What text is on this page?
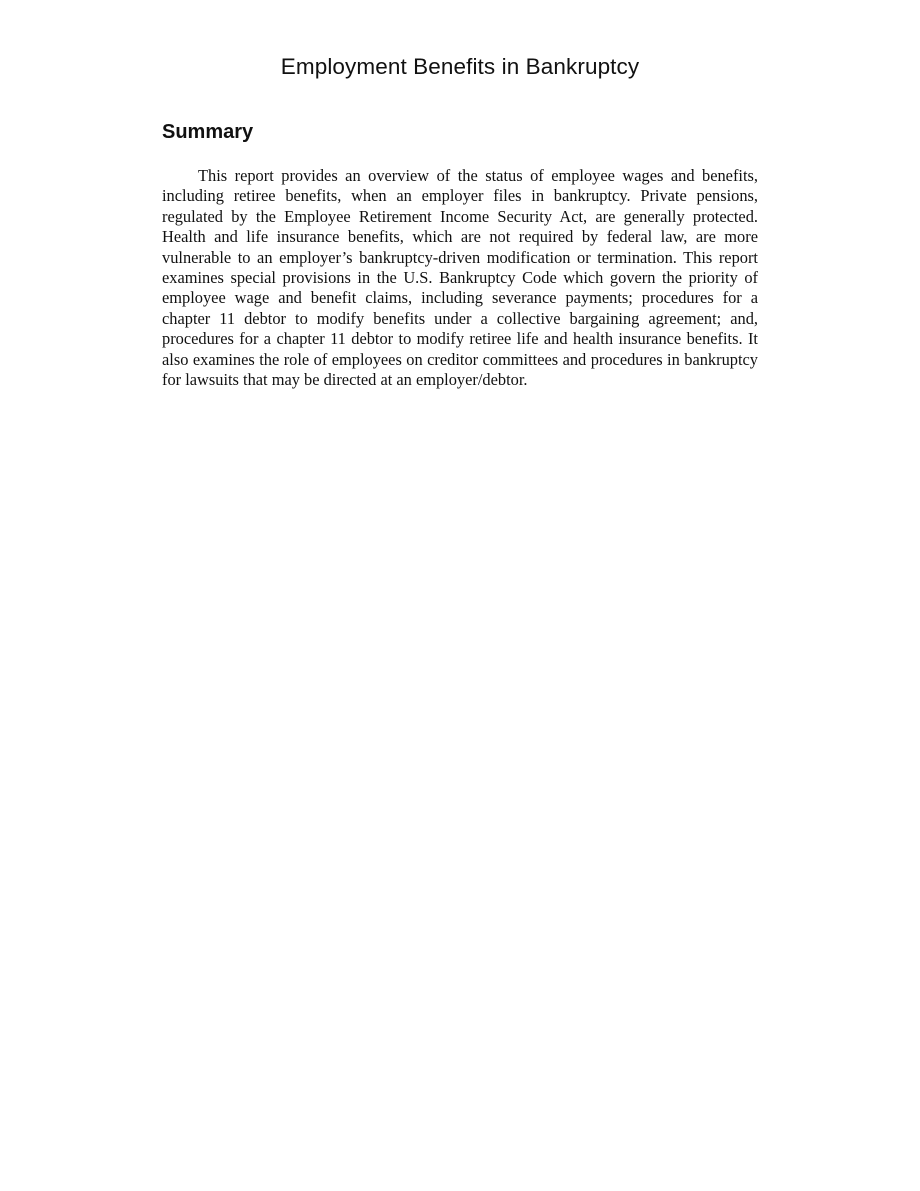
Employment Benefits in Bankruptcy
Summary

This report provides an overview of the status of employee wages and benefits, including retiree benefits, when an employer files in bankruptcy. Private pensions, regulated by the Employee Retirement Income Security Act, are generally protected. Health and life insurance benefits, which are not required by federal law, are more vulnerable to an employer’s bankruptcy-driven modification or termination. This report examines special provisions in the U.S. Bankruptcy Code which govern the priority of employee wage and benefit claims, including severance payments; procedures for a chapter 11 debtor to modify benefits under a collective bargaining agreement; and, procedures for a chapter 11 debtor to modify retiree life and health insurance benefits. It also examines the role of employees on creditor committees and procedures in bankruptcy for lawsuits that may be directed at an employer/debtor.
